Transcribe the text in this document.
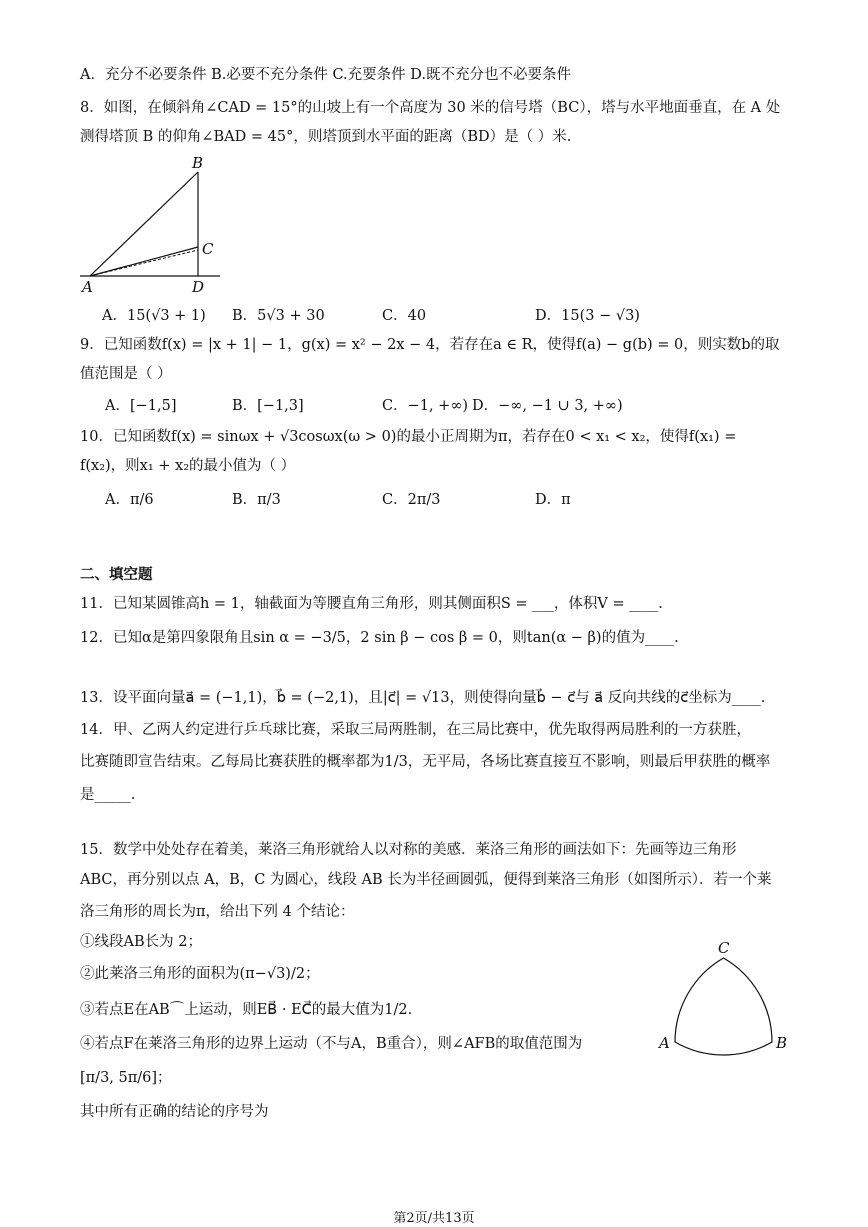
A．充分不必要条件 B.必要不充分条件 C.充要条件 D.既不充分也不必要条件
8．如图，在倾斜角∠CAD = 15°的山坡上有一个高度为 30 米的信号塔（BC），塔与水平地面垂直，在 A 处
测得塔顶 B 的仰角∠BAD = 45°，则塔顶到水平面的距离（BD）是（ ）米.
B
C
A	D
A．15(√3 + 1) B．5√3 + 30	C．40	D．15(3 − √3)
9．已知函数f(x) = |x + 1| − 1，g(x) = x² − 2x − 4，若存在a ∈ R，使得f(a) − g(b) = 0，则实数b的取
值范围是（ ）
A．[−1,5]	B．[−1,3]	C．−1, +∞) D．−∞, −1 ∪ 3, +∞)
10．已知函数f(x) = sinωx + √3cosωx(ω > 0)的最小正周期为π，若存在0 < x₁ < x₂，使得f(x₁) =
f(x₂)，则x₁ + x₂的最小值为（ ）
A．π/6	B．π/3	C．2π/3	D．π
二、填空题
11．已知某圆锥高h = 1，轴截面为等腰直角三角形，则其侧面积S = ___，体积V = ____.
12．已知α是第四象限角且sin α = −3/5，2 sin β − cos β = 0，则tan(α − β)的值为____.
13．设平面向量a⃗ = (−1,1)，b⃗ = (−2,1)，且|c⃗| = √13，则使得向量b⃗ − c⃗与 a⃗ 反向共线的c⃗坐标为____.
14．甲、乙两人约定进行乒乓球比赛，采取三局两胜制，在三局比赛中，优先取得两局胜利的一方获胜，
比赛随即宣告结束。乙每局比赛获胜的概率都为1/3，无平局，各场比赛直接互不影响，则最后甲获胜的概率
是_____.
15．数学中处处存在着美，莱洛三角形就给人以对称的美感．莱洛三角形的画法如下：先画等边三角形
ABC，再分别以点 A，B，C 为圆心，线段 AB 长为半径画圆弧，便得到莱洛三角形（如图所示）．若一个莱
洛三角形的周长为π，给出下列 4 个结论：
①线段AB长为 2；
②此莱洛三角形的面积为(π−√3)/2；
③若点E在AB⌒上运动，则EB⃗ · EC⃗的最大值为1/2.
④若点F在莱洛三角形的边界上运动（不与A，B重合），则∠AFB的取值范围为
[π/3, 5π/6]；
其中所有正确的结论的序号为
C
A	B
第2页/共13页
